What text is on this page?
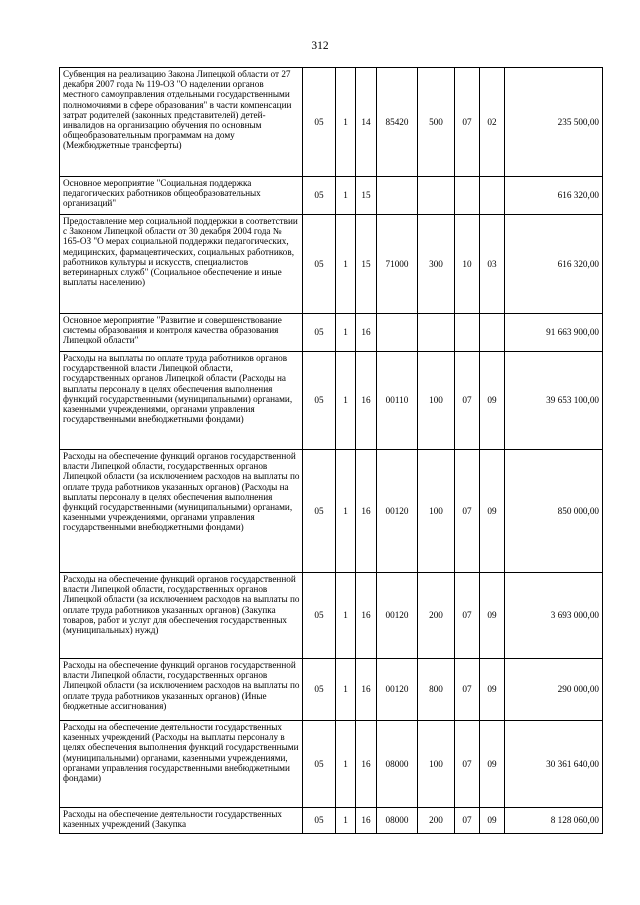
312
Субвенция на реализацию Закона Липецкой области от 27 декабря 2007 года № 119-ОЗ "О наделении органов местного самоуправления отдельными государственными полномочиями в сфере образования" в части компенсации затрат родителей (законных представителей) детей-инвалидов на организацию обучения по основным общеобразовательным программам на дому (Межбюджетные трансферты)	05	1	14	85420	500	07	02	235 500,00
Основное мероприятие "Социальная поддержка педагогических работников общеобразовательных организаций"	05	1	15					616 320,00
Предоставление мер социальной поддержки в соответствии с Законом Липецкой области от 30 декабря 2004 года № 165-ОЗ "О мерах социальной поддержки педагогических, медицинских, фармацевтических, социальных работников, работников культуры и искусств, специалистов ветеринарных служб" (Социальное обеспечение и иные выплаты населению)	05	1	15	71000	300	10	03	616 320,00
Основное мероприятие "Развитие и совершенствование системы образования и контроля качества образования Липецкой области"	05	1	16					91 663 900,00
Расходы на выплаты по оплате труда работников органов государственной власти Липецкой области, государственных органов Липецкой области (Расходы на выплаты персоналу в целях обеспечения выполнения функций государственными (муниципальными) органами, казенными учреждениями, органами управления государственными внебюджетными фондами)	05	1	16	00110	100	07	09	39 653 100,00
Расходы на обеспечение функций органов государственной власти Липецкой области, государственных органов Липецкой области (за исключением расходов на выплаты по оплате труда работников указанных органов) (Расходы на выплаты персоналу в целях обеспечения выполнения функций государственными (муниципальными) органами, казенными учреждениями, органами управления государственными внебюджетными фондами)	05	1	16	00120	100	07	09	850 000,00
Расходы на обеспечение функций органов государственной власти Липецкой области, государственных органов Липецкой области (за исключением расходов на выплаты по оплате труда работников указанных органов) (Закупка товаров, работ и услуг для обеспечения государственных (муниципальных) нужд)	05	1	16	00120	200	07	09	3 693 000,00
Расходы на обеспечение функций органов государственной власти Липецкой области, государственных органов Липецкой области (за исключением расходов на выплаты по оплате труда работников указанных органов) (Иные бюджетные ассигнования)	05	1	16	00120	800	07	09	290 000,00
Расходы на обеспечение деятельности государственных казенных учреждений (Расходы на выплаты персоналу в целях обеспечения выполнения функций государственными (муниципальными) органами, казенными учреждениями, органами управления государственными внебюджетными фондами)	05	1	16	08000	100	07	09	30 361 640,00
Расходы на обеспечение деятельности государственных казенных учреждений (Закупка	05	1	16	08000	200	07	09	8 128 060,00
